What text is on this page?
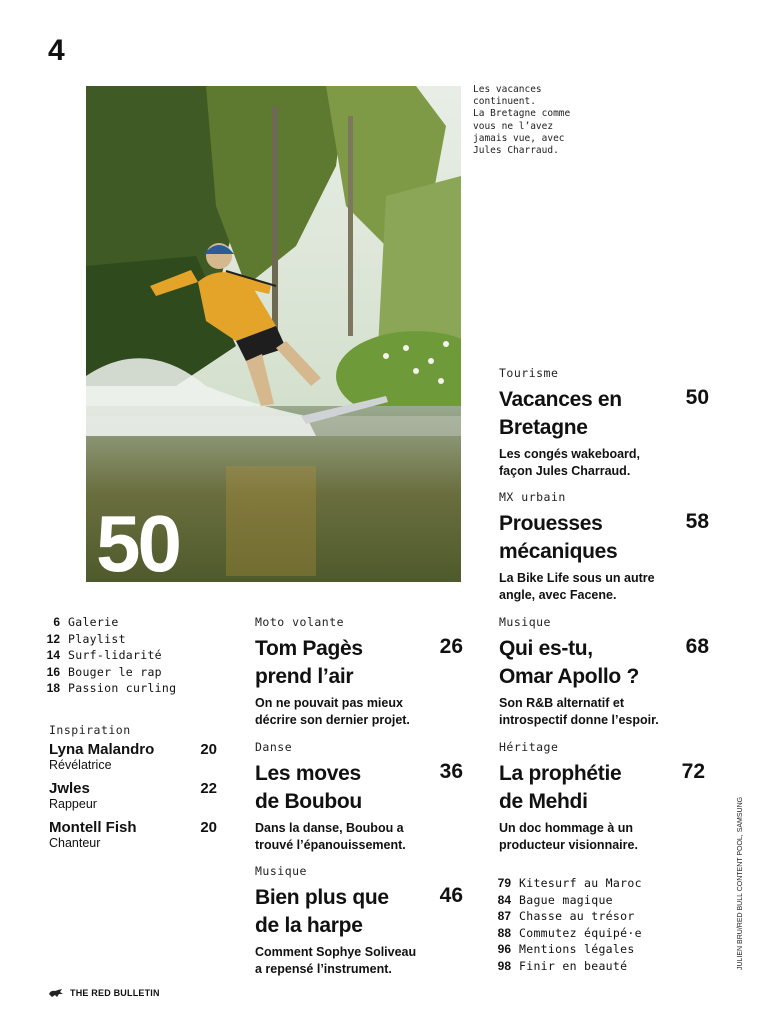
4
50
Les vacances
continuent.
La Bretagne comme
vous ne l’avez
jamais vue, avec
Jules Charraud.
Tourisme
Vacances en
Bretagne
50
Les congés wakeboard,
façon Jules Charraud.
MX urbain
Prouesses
mécaniques
58
La Bike Life sous un autre
angle, avec Facene.
Moto volante
Tom Pagès
prend l’air
26
On ne pouvait pas mieux
décrire son dernier projet.
Musique
Qui es-tu,
Omar Apollo ?
68
Son R&B alternatif et
introspectif donne l’espoir.
Danse
Les moves
de Boubou
36
Dans la danse, Boubou a
trouvé l’épanouissement.
Héritage
La prophétie
de Mehdi
72
Un doc hommage à un
producteur visionnaire.
Musique
Bien plus que
de la harpe
46
Comment Sophye Soliveau
a repensé l’instrument.
6 Galerie
12 Playlist
14 Surf-lidarité
16 Bouger le rap
18 Passion curling
Inspiration
Lyna Malandro	20
Révélatrice
Jwles	22
Rappeur
Montell Fish	20
Chanteur
79 Kitesurf au Maroc
84 Bague magique
87 Chasse au trésor
88 Commutez équipé·e
96 Mentions légales
98 Finir en beauté	JULIEN BRU/RED BULL CONTENT POOL, SAMSUNG
THE RED BULLETIN
